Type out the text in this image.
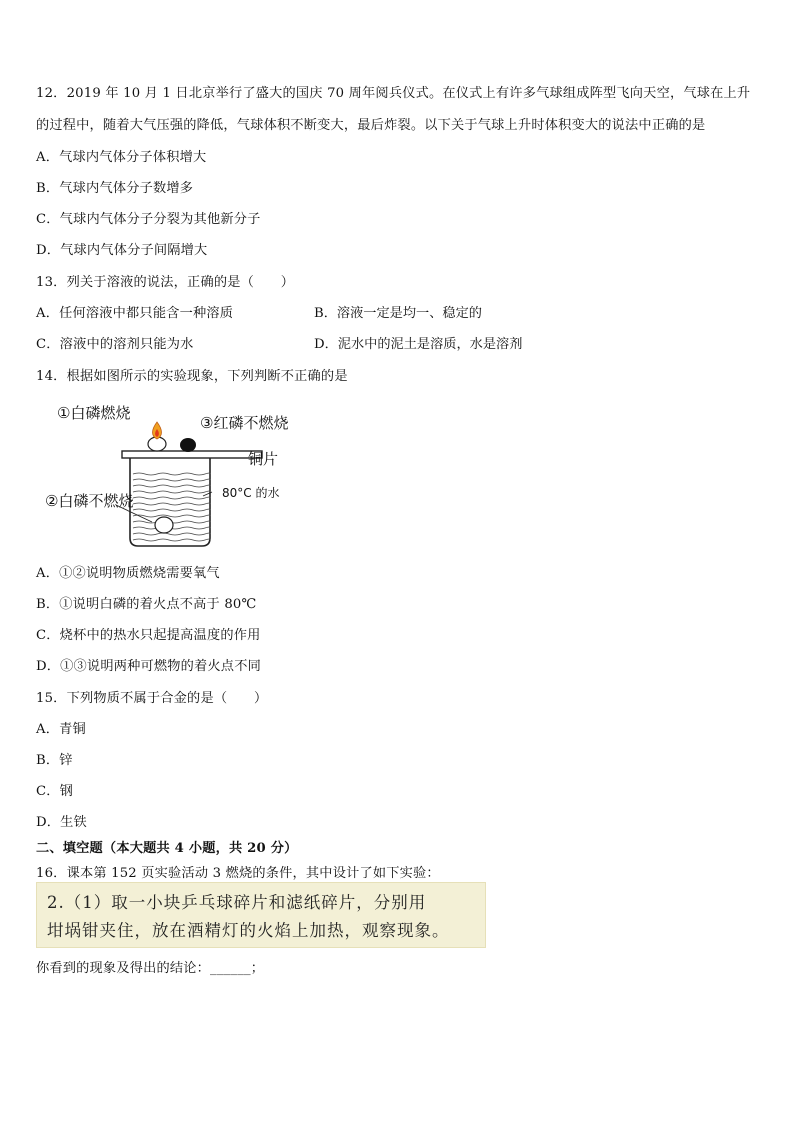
12．2019 年 10 月 1 日北京举行了盛大的国庆 70 周年阅兵仪式。在仪式上有许多气球组成阵型飞向天空，气球在上升
的过程中，随着大气压强的降低，气球体积不断变大，最后炸裂。以下关于气球上升时体积变大的说法中正确的是
A．气球内气体分子体积增大
B．气球内气体分子数增多
C．气球内气体分子分裂为其他新分子
D．气球内气体分子间隔增大
13．列关于溶液的说法，正确的是（　　）
A．任何溶液中都只能含一种溶质	B．溶液一定是均一、稳定的
C．溶液中的溶剂只能为水	D．泥水中的泥土是溶质，水是溶剂
14．根据如图所示的实验现象，下列判断不正确的是
①白磷燃烧
③红磷不燃烧
铜片
②白磷不燃烧	80°C 的水
A．①②说明物质燃烧需要氧气
B．①说明白磷的着火点不高于 80℃
C．烧杯中的热水只起提高温度的作用
D．①③说明两种可燃物的着火点不同
15．下列物质不属于合金的是（　　）
A．青铜
B．锌
C．钢
D．生铁
二、填空题（本大题共 4 小题，共 20 分）
16．课本第 152 页实验活动 3 燃烧的条件，其中设计了如下实验：
2.（1）取一小块乒乓球碎片和滤纸碎片，分别用
坩埚钳夹住，放在酒精灯的火焰上加热，观察现象。
你看到的现象及得出的结论：______；
